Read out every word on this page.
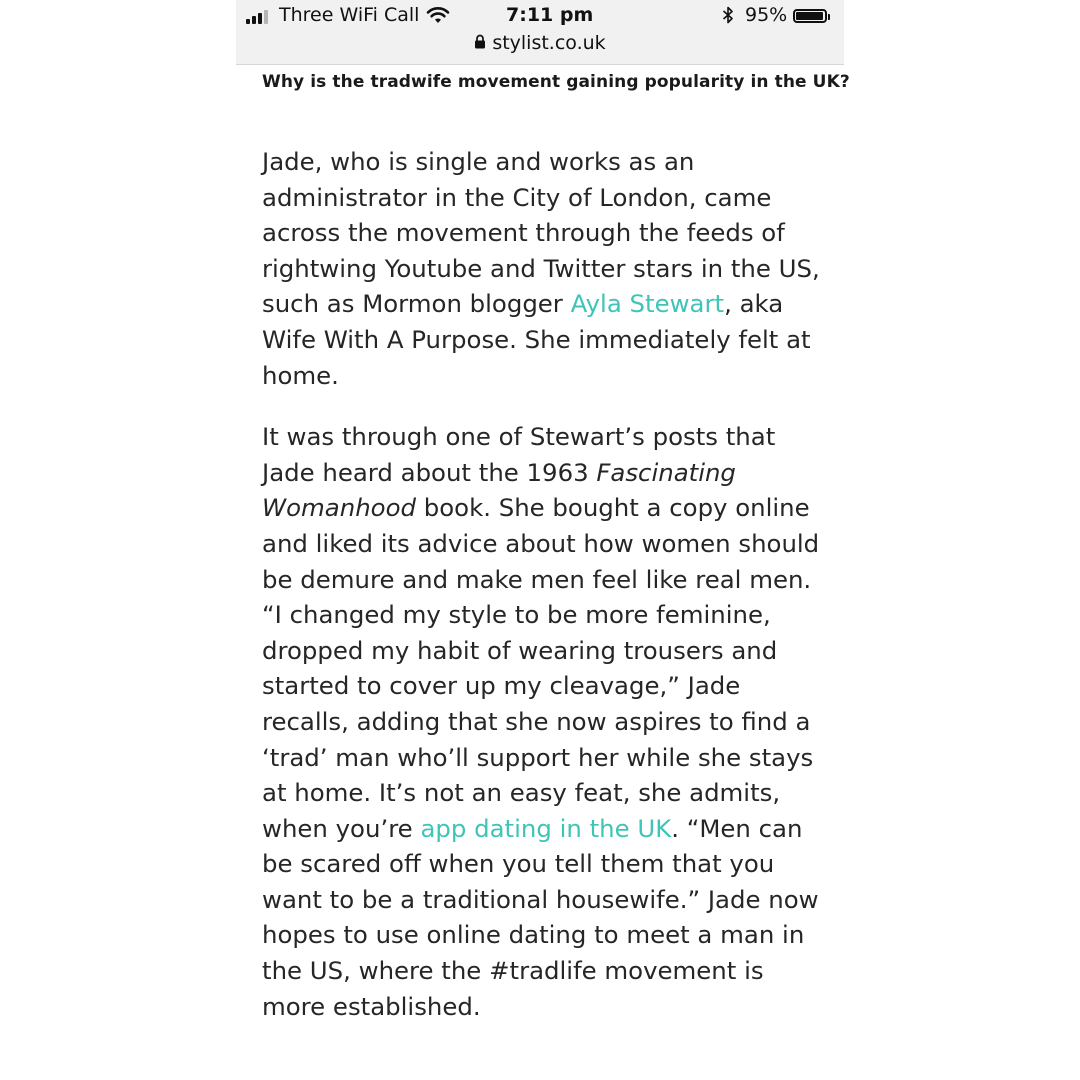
Three WiFi Call	7:11 pm	95%
stylist.co.uk
Why is the tradwife movement gaining popularity in the UK?

Jade, who is single and works as an administrator in the City of London, came across the movement through the feeds of rightwing Youtube and Twitter stars in the US, such as Mormon blogger Ayla Stewart, aka Wife With A Purpose. She immediately felt at home.

It was through one of Stewart’s posts that Jade heard about the 1963 Fascinating Womanhood book. She bought a copy online and liked its advice about how women should be demure and make men feel like real men. “I changed my style to be more feminine, dropped my habit of wearing trousers and started to cover up my cleavage,” Jade recalls, adding that she now aspires to find a ‘trad’ man who’ll support her while she stays at home. It’s not an easy feat, she admits, when you’re app dating in the UK. “Men can be scared off when you tell them that you want to be a traditional housewife.” Jade now hopes to use online dating to meet a man in the US, where the #tradlife movement is more established.
